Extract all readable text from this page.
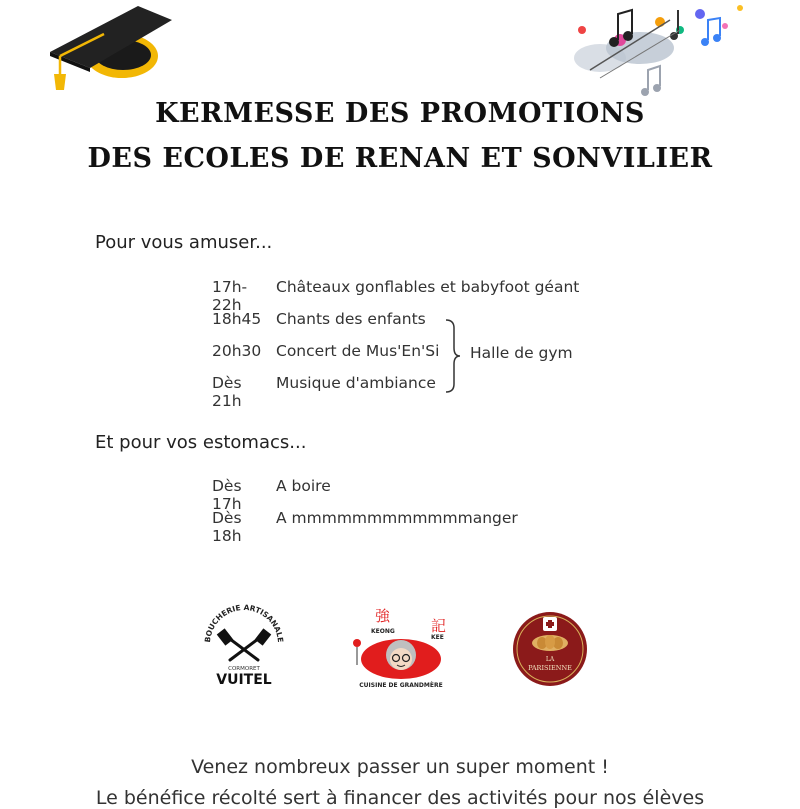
KERMESSE DES PROMOTIONS
DES ECOLES DE RENAN ET SONVILIER
Pour vous amuser...
17h-22h
Châteaux gonflables et babyfoot géant
18h45 Chants des enfants
20h30 Concert de Mus'En'Si
Dès 21h
Musique d'ambiance
Halle de gym
Et pour vos estomacs...
Dès 17h
A boire
Dès 18h
A mmmmmmmmmmmmanger
BOUCHERIE ARTISANALE
CORMORET
VUITEL
強
記
KEONG
KEE
CUISINE DE GRANDMÈRE
LA
PARISIENNE
Venez nombreux passer un super moment !
Le bénéfice récolté sert à financer des activités pour nos élèves
